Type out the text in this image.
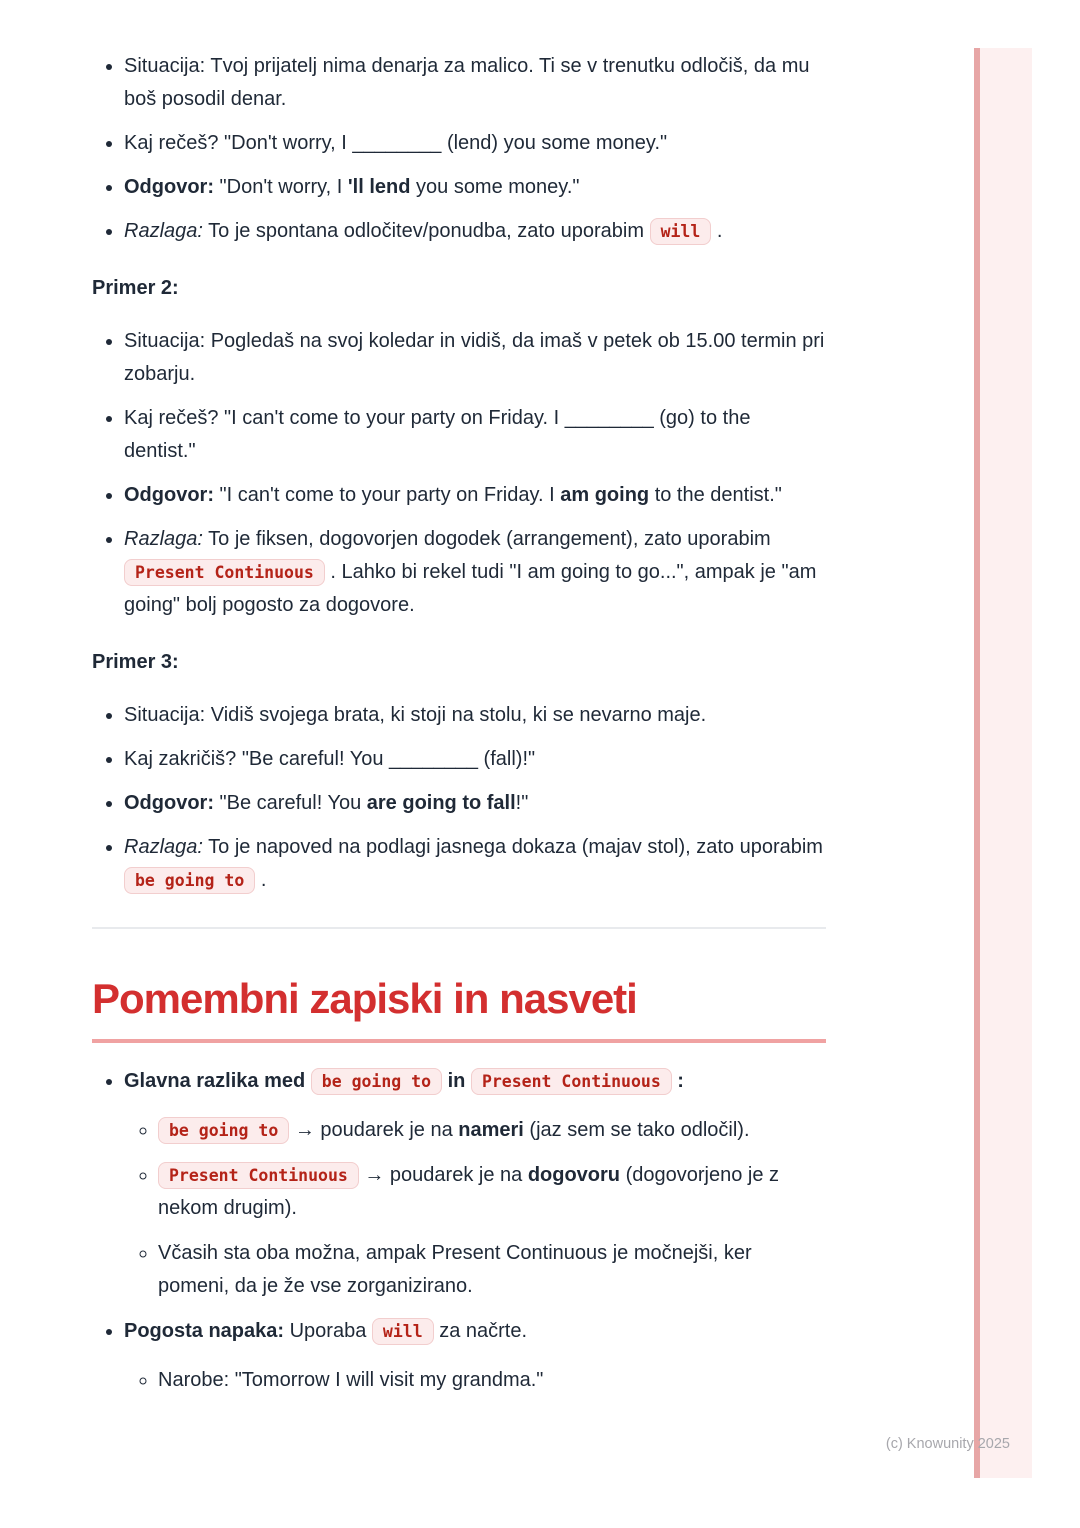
• Situacija: Tvoj prijatelj nima denarja za malico. Ti se v trenutku odločiš, da mu boš posodil denar.
• Kaj rečeš? "Don't worry, I ________ (lend) you some money."
• Odgovor: "Don't worry, I 'll lend you some money."
• Razlaga: To je spontana odločitev/ponudba, zato uporabim will .
Primer 2:
• Situacija: Pogledaš na svoj koledar in vidiš, da imaš v petek ob 15.00 termin pri zobarju.
• Kaj rečeš? "I can't come to your party on Friday. I ________ (go) to the dentist."
• Odgovor: "I can't come to your party on Friday. I am going to the dentist."
• Razlaga: To je fiksen, dogovorjen dogodek (arrangement), zato uporabim Present Continuous . Lahko bi rekel tudi "I am going to go...", ampak je "am going" bolj pogosto za dogovore.
Primer 3:
• Situacija: Vidiš svojega brata, ki stoji na stolu, ki se nevarno maje.
• Kaj zakričiš? "Be careful! You ________ (fall)!"
• Odgovor: "Be careful! You are going to fall!"
• Razlaga: To je napoved na podlagi jasnega dokaza (majav stol), zato uporabim be going to .
Pomembni zapiski in nasveti
• Glavna razlika med be going to in Present Continuous :
◦ be going to → poudarek je na nameri (jaz sem se tako odločil).
◦ Present Continuous → poudarek je na dogovoru (dogovorjeno je z nekom drugim).
◦ Včasih sta oba možna, ampak Present Continuous je močnejši, ker pomeni, da je že vse zorganizirano.
• Pogosta napaka: Uporaba will za načrte.
◦ Narobe: "Tomorrow I will visit my grandma."
(c) Knowunity 2025
